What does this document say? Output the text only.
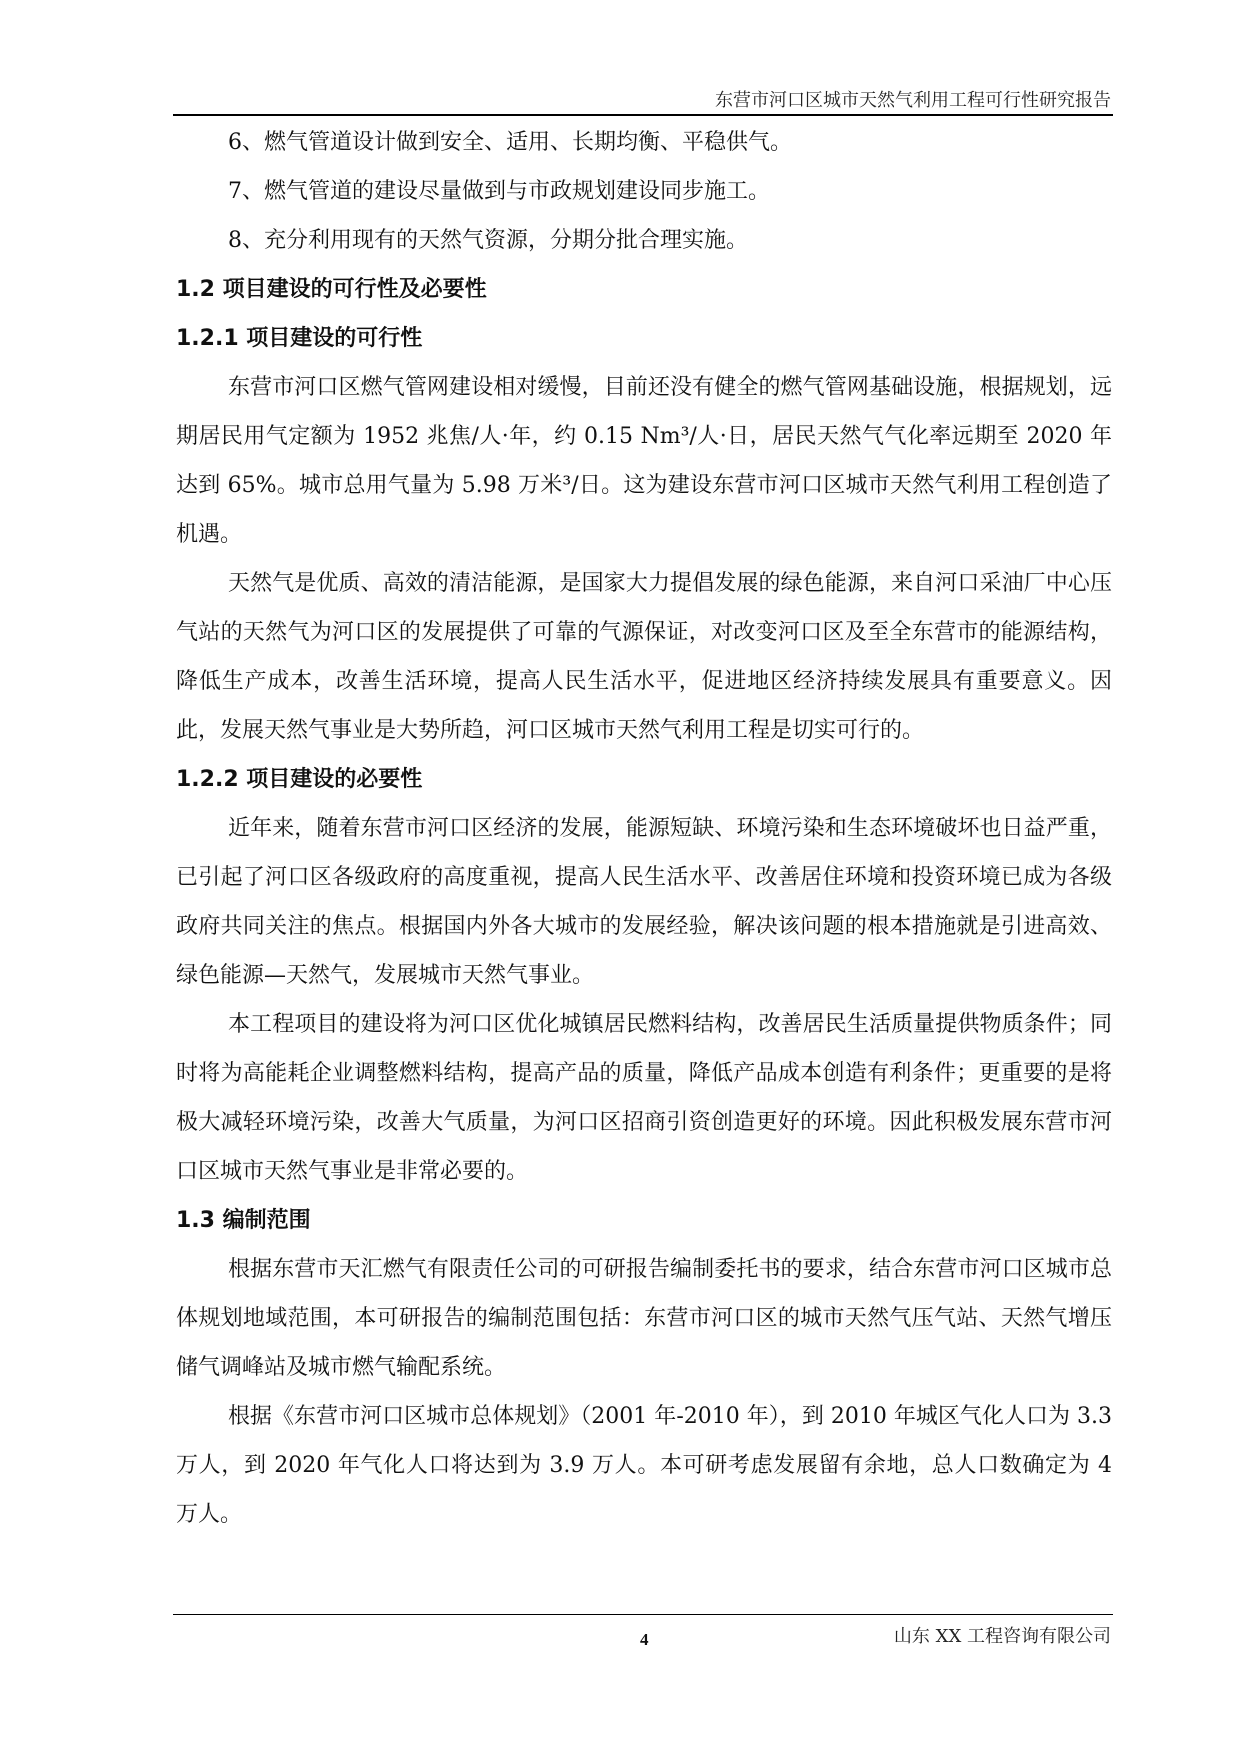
东营市河口区城市天然气利用工程可行性研究报告

6、燃气管道设计做到安全、适用、长期均衡、平稳供气。

7、燃气管道的建设尽量做到与市政规划建设同步施工。

8、充分利用现有的天然气资源，分期分批合理实施。

1.2 项目建设的可行性及必要性

1.2.1 项目建设的可行性

东营市河口区燃气管网建设相对缓慢，目前还没有健全的燃气管网基础设施，根据规划，远期居民用气定额为 1952 兆焦/人·年，约 0.15 Nm³/人·日，居民天然气气化率远期至 2020 年达到 65%。城市总用气量为 5.98 万米³/日。这为建设东营市河口区城市天然气利用工程创造了机遇。

天然气是优质、高效的清洁能源，是国家大力提倡发展的绿色能源，来自河口采油厂中心压气站的天然气为河口区的发展提供了可靠的气源保证，对改变河口区及至全东营市的能源结构，降低生产成本，改善生活环境，提高人民生活水平，促进地区经济持续发展具有重要意义。因此，发展天然气事业是大势所趋，河口区城市天然气利用工程是切实可行的。

1.2.2 项目建设的必要性

近年来，随着东营市河口区经济的发展，能源短缺、环境污染和生态环境破坏也日益严重，已引起了河口区各级政府的高度重视，提高人民生活水平、改善居住环境和投资环境已成为各级政府共同关注的焦点。根据国内外各大城市的发展经验，解决该问题的根本措施就是引进高效、绿色能源—天然气，发展城市天然气事业。

本工程项目的建设将为河口区优化城镇居民燃料结构，改善居民生活质量提供物质条件；同时将为高能耗企业调整燃料结构，提高产品的质量，降低产品成本创造有利条件；更重要的是将极大减轻环境污染，改善大气质量，为河口区招商引资创造更好的环境。因此积极发展东营市河口区城市天然气事业是非常必要的。

1.3 编制范围

根据东营市天汇燃气有限责任公司的可研报告编制委托书的要求，结合东营市河口区城市总体规划地域范围，本可研报告的编制范围包括：东营市河口区的城市天然气压气站、天然气增压储气调峰站及城市燃气输配系统。

根据《东营市河口区城市总体规划》（2001 年-2010 年），到 2010 年城区气化人口为 3.3 万人，到 2020 年气化人口将达到为 3.9 万人。本可研考虑发展留有余地，总人口数确定为 4 万人。

4	山东 XX 工程咨询有限公司
